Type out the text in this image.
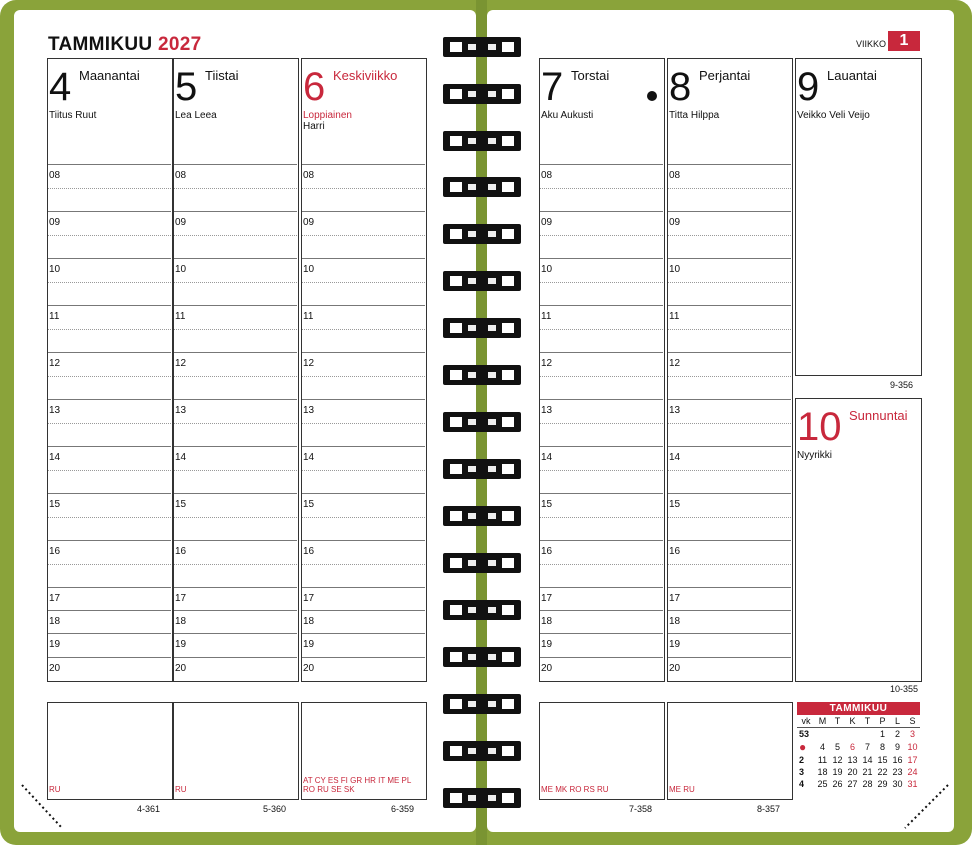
TAMMIKUU 2027	VIIKKO 1
4 Maanantai
Tiitus Ruut
08
09
10
11
12
13
14
15
16
17
18
19
20
RU
4-361
5 Tiistai
Lea Leea
08
09
10
11
12
13
14
15
16
17
18
19
20
RU
5-360
6 Keskiviikko
Loppiainen
Harri
08
09
10
11
12
13
14
15
16
17
18
19
20
AT CY ES FI GR HR IT ME PL RO RU SE SK
6-359
7 Torstai
Aku Aukusti
08
09
10
11
12
13
14
15
16
17
18
19
20
ME MK RO RS RU
7-358
8 Perjantai
Titta Hilppa
08
09
10
11
12
13
14
15
16
17
18
19
20
ME RU
8-357
9 Lauantai
Veikko Veli Veijo
9-356
10 Sunnuntai
Nyyrikki
10-355
TAMMIKUU
vk	M	T	K	T	P	L	S
53					1	2	3
●	4	5	6	7	8	9	10
2	11	12	13	14	15	16	17
3	18	19	20	21	22	23	24
4	25	26	27	28	29	30	31
